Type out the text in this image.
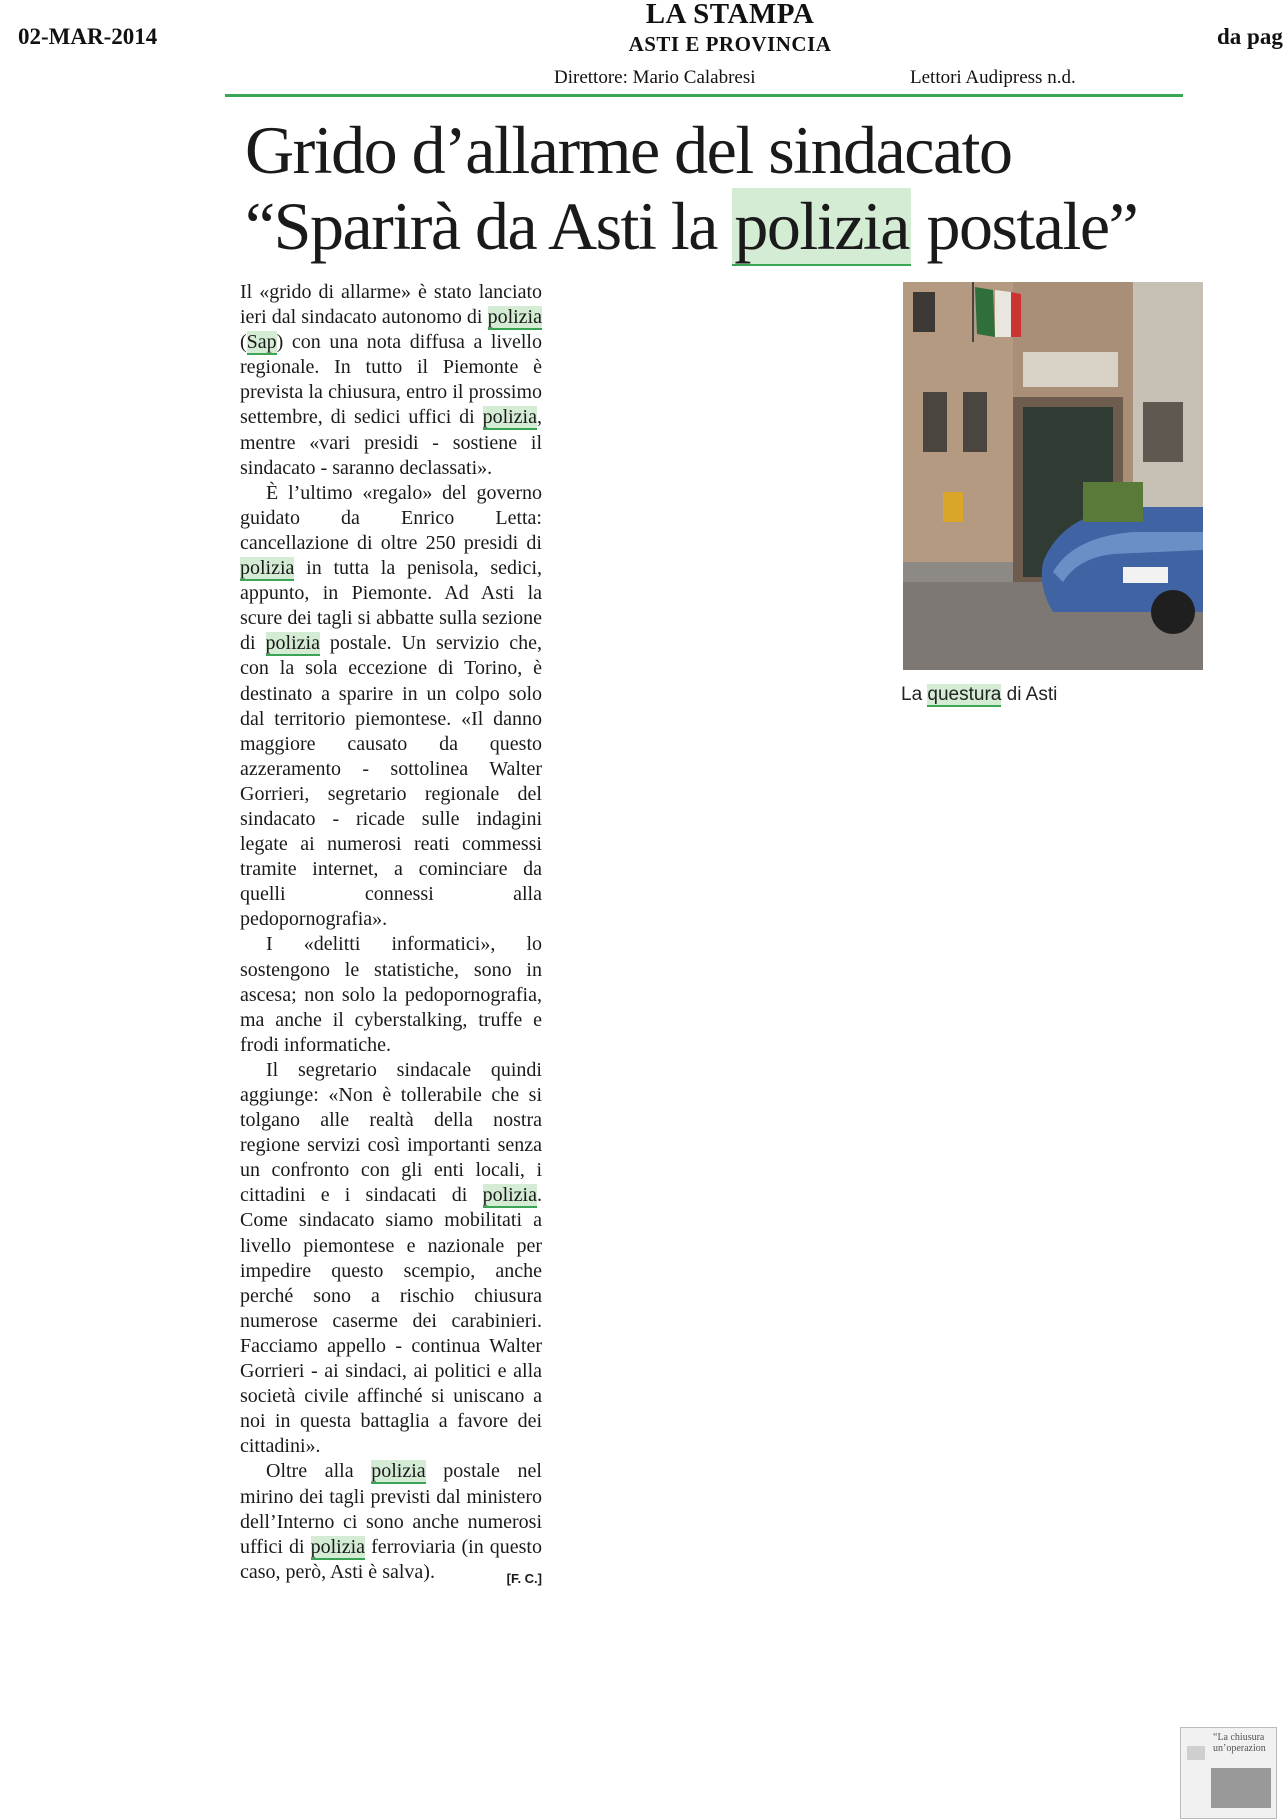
02-MAR-2014
LA STAMPA
ASTI E PROVINCIA	da pag
Direttore: Mario Calabresi	Lettori Audipress n.d.
Grido d’allarme del sindacato
“Sparirà da Asti la polizia postale”

Il «grido di allarme» è stato lanciato ieri dal sindacato autonomo di polizia (Sap) con una nota diffusa a livello regionale. In tutto il Piemonte è prevista la chiusura, entro il prossimo settembre, di sedici uffici di polizia, mentre «vari presidi - sostiene il sindacato - saranno declassati».

È l’ultimo «regalo» del governo guidato da Enrico Letta: cancellazione di oltre 250 presidi di polizia in tutta la penisola, sedici, appunto, in Piemonte. Ad Asti la scure dei tagli si abbatte sulla sezione di polizia postale. Un servizio che, con la sola eccezione di Torino, è destinato a sparire in un colpo solo dal territorio piemontese. «Il danno maggiore causato da questo azzeramento - sottolinea Walter Gorrieri, segretario regionale del sindacato - ricade sulle indagini legate ai numerosi reati commessi tramite internet, a cominciare da quelli connessi alla pedopornografia».

I «delitti informatici», lo sostengono le statistiche, sono in ascesa; non solo la pedopornografia, ma anche il cyberstalking, truffe e frodi informatiche.

Il segretario sindacale quindi aggiunge: «Non è tollerabile che si tolgano alle realtà della nostra regione servizi così importanti senza un confronto con gli enti locali, i cittadini e i sindacati di polizia. Come sindacato siamo mobilitati a livello piemontese e nazionale per impedire questo scempio, anche perché sono a rischio chiusura numerose caserme dei carabinieri. Facciamo appello - continua Walter Gorrieri - ai sindaci, ai politici e alla società civile affinché si uniscano a noi in questa battaglia a favore dei cittadini».

Oltre alla polizia postale nel mirino dei tagli previsti dal ministero dell’Interno ci sono anche numerosi uffici di polizia ferroviaria (in questo caso, però, Asti è salva).	[F. C.]

La questura di Asti
“La chiusura
un’operazion
